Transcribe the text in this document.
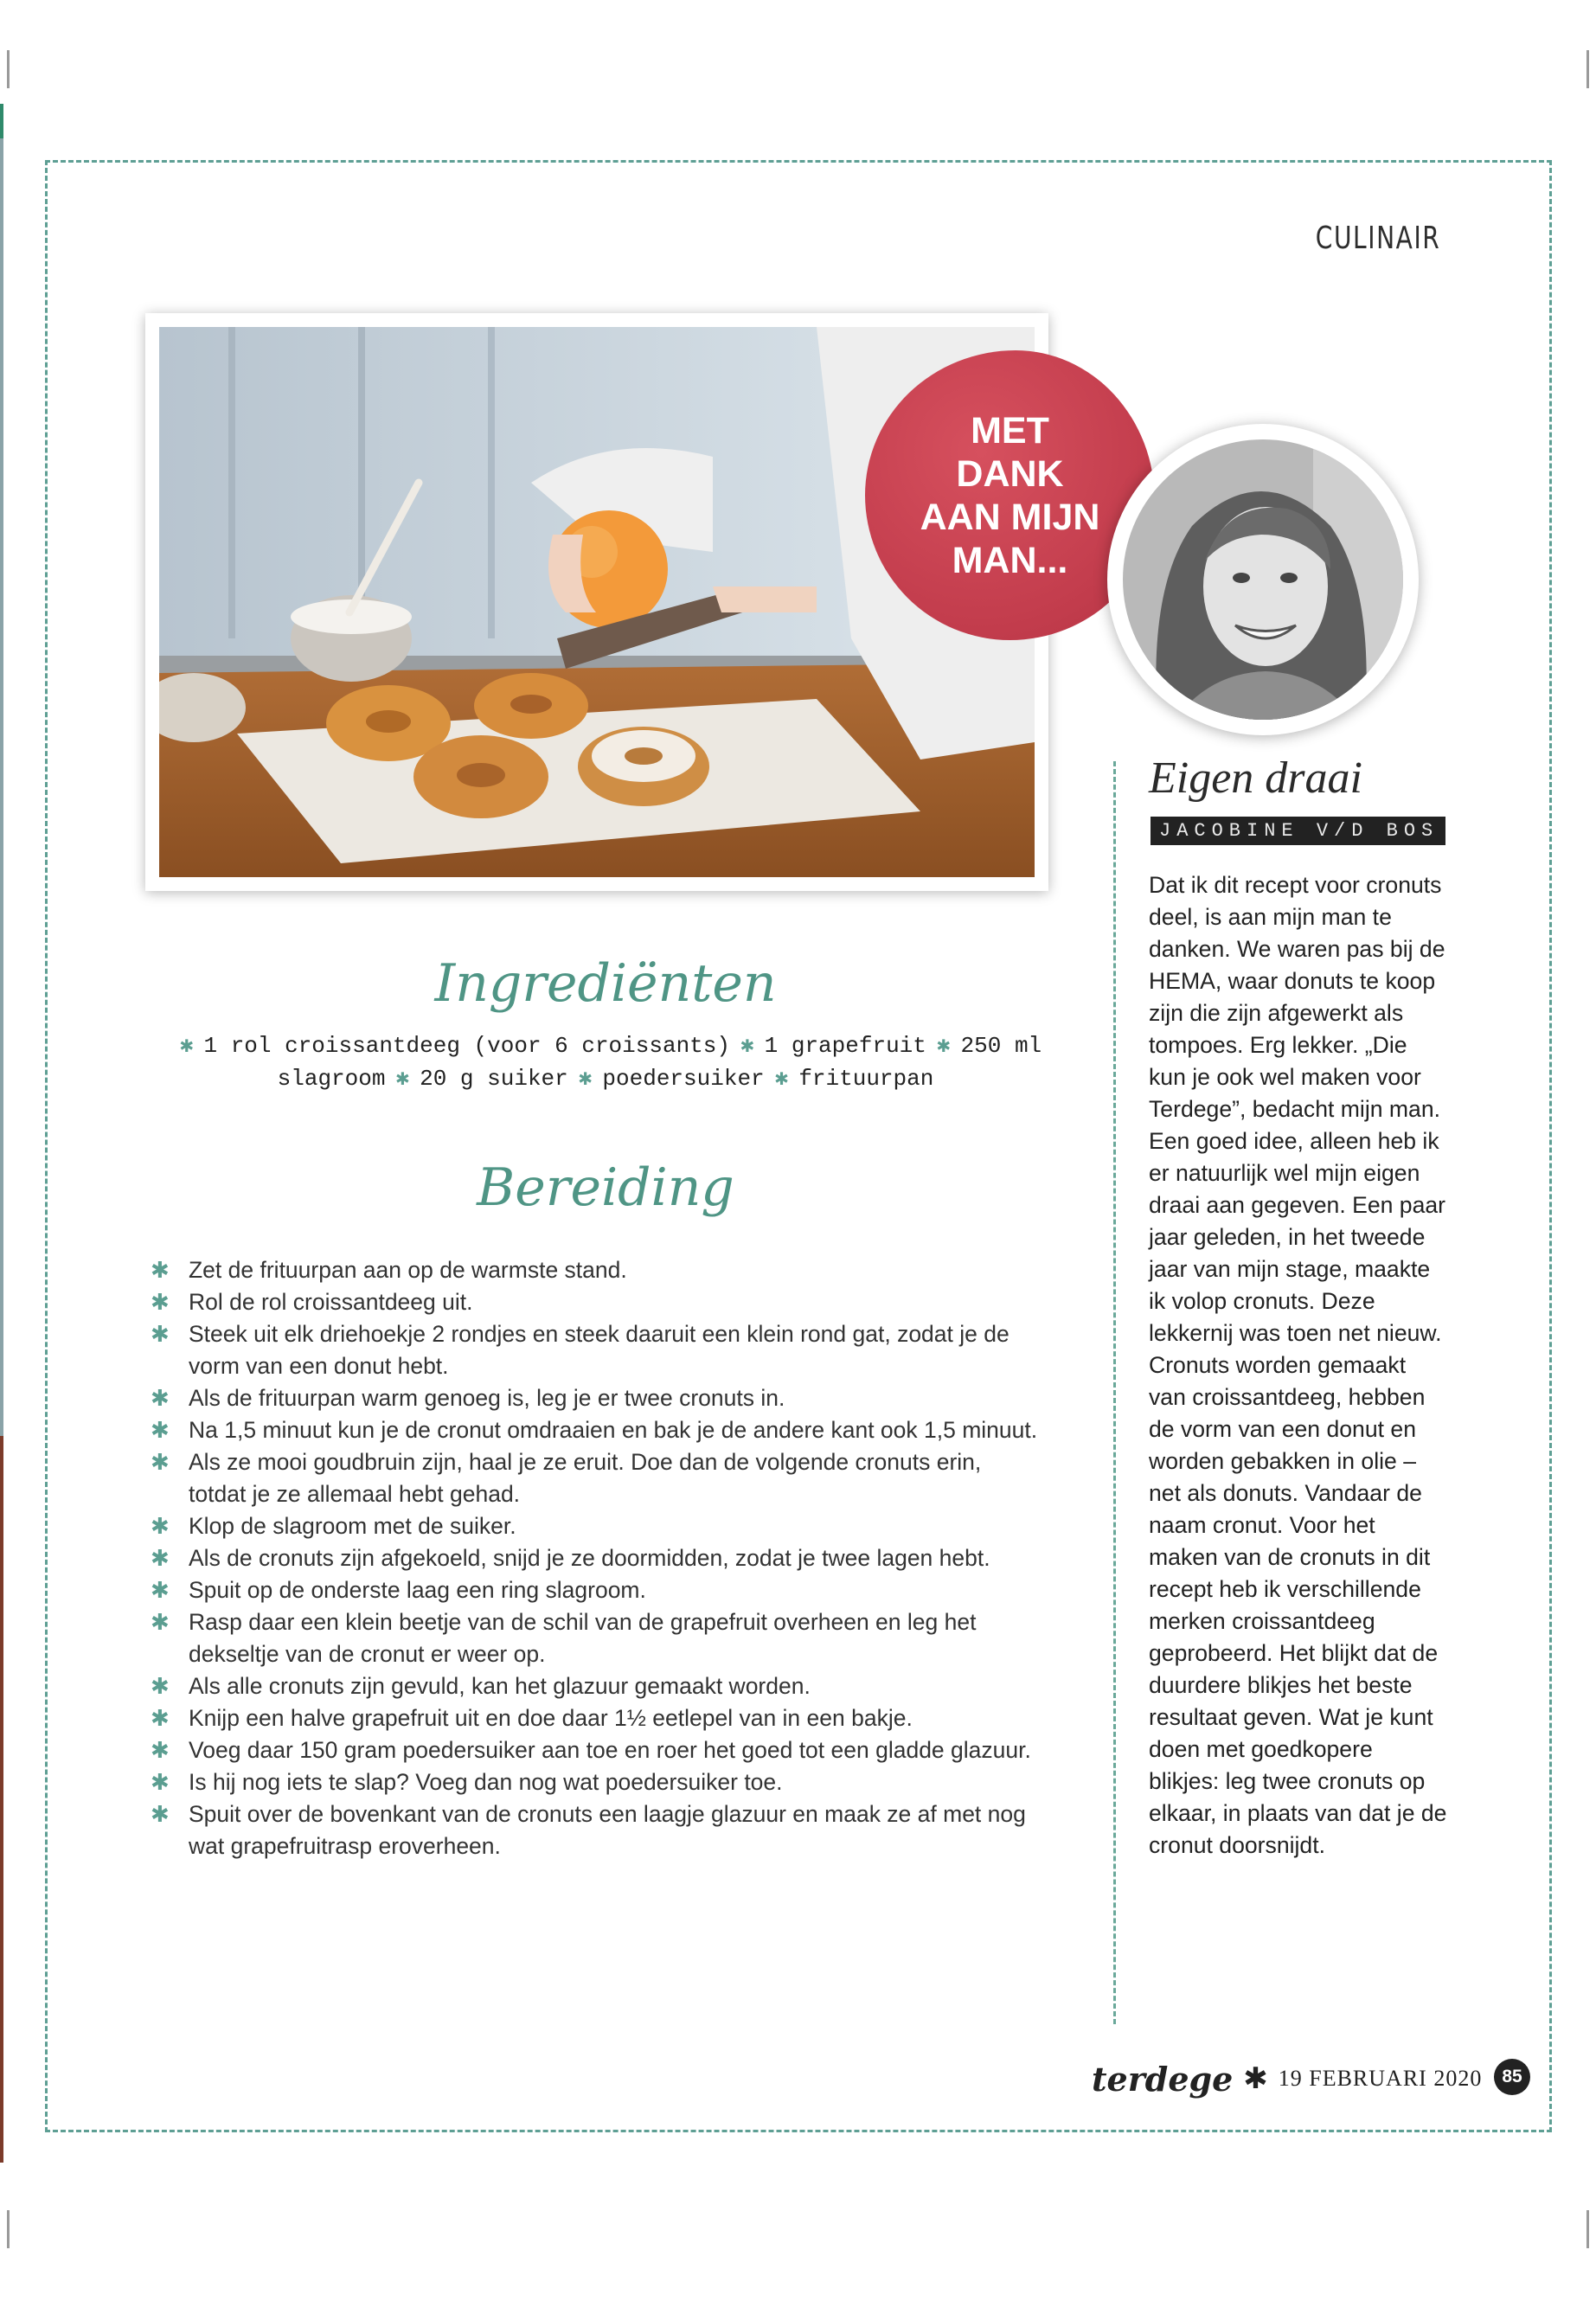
CULINAIR
MET DANK AAN MIJN MAN...
Eigen draai
JACOBINE V/D BOS
Dat ik dit recept voor cronuts deel, is aan mijn man te danken. We waren pas bij de HEMA, waar donuts te koop zijn die zijn afgewerkt als tompoes. Erg lekker. „Die kun je ook wel maken voor Terdege”, bedacht mijn man. Een goed idee, alleen heb ik er natuurlijk wel mijn eigen draai aan gegeven. Een paar jaar geleden, in het tweede jaar van mijn stage, maakte ik volop cronuts. Deze lekkernij was toen net nieuw. Cronuts worden gemaakt van croissantdeeg, hebben de vorm van een donut en worden gebakken in olie – net als donuts. Vandaar de naam cronut. Voor het maken van de cronuts in dit recept heb ik verschillende merken croissantdeeg geprobeerd. Het blijkt dat de duurdere blikjes het beste resultaat geven. Wat je kunt doen met goedkopere blikjes: leg twee cronuts op elkaar, in plaats van dat je de cronut doorsnijdt.
Ingrediënten
✱ 1 rol croissantdeeg (voor 6 croissants) ✱ 1 grapefruit ✱ 250 ml slagroom ✱ 20 g suiker ✱ poedersuiker ✱ frituurpan
Bereiding
✱ Zet de frituurpan aan op de warmste stand.
✱ Rol de rol croissantdeeg uit.
✱ Steek uit elk driehoekje 2 rondjes en steek daaruit een klein rond gat, zodat je de vorm van een donut hebt.
✱ Als de frituurpan warm genoeg is, leg je er twee cronuts in.
✱ Na 1,5 minuut kun je de cronut omdraaien en bak je de andere kant ook 1,5 minuut.
✱ Als ze mooi goudbruin zijn, haal je ze eruit. Doe dan de volgende cronuts erin, totdat je ze allemaal hebt gehad.
✱ Klop de slagroom met de suiker.
✱ Als de cronuts zijn afgekoeld, snijd je ze doormidden, zodat je twee lagen hebt.
✱ Spuit op de onderste laag een ring slagroom.
✱ Rasp daar een klein beetje van de schil van de grapefruit overheen en leg het dekseltje van de cronut er weer op.
✱ Als alle cronuts zijn gevuld, kan het glazuur gemaakt worden.
✱ Knijp een halve grapefruit uit en doe daar 1½ eetlepel van in een bakje.
✱ Voeg daar 150 gram poedersuiker aan toe en roer het goed tot een gladde glazuur.
✱ Is hij nog iets te slap? Voeg dan nog wat poedersuiker toe.
✱ Spuit over de bovenkant van de cronuts een laagje glazuur en maak ze af met nog wat grapefruitrasp eroverheen.
terdege ✱ 19 FEBRUARI 2020	85
